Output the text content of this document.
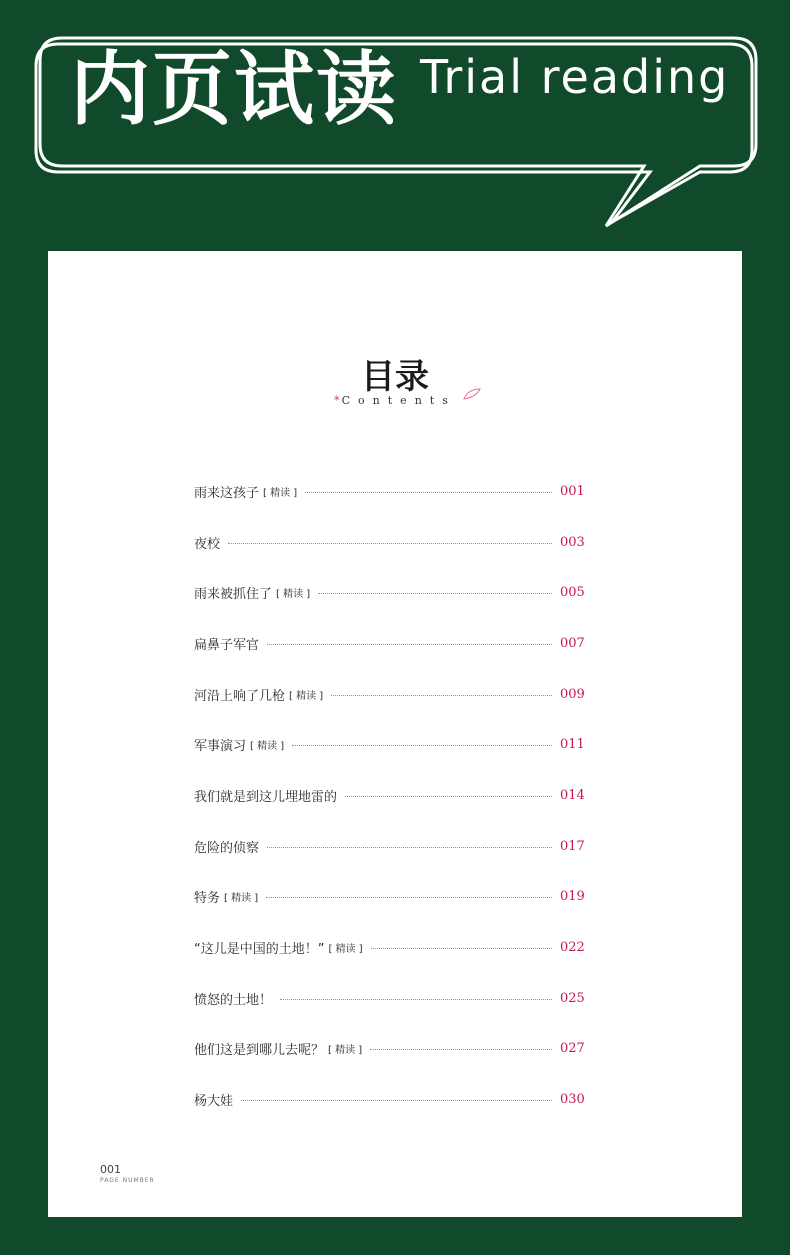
内页试读 Trial reading
目录
*Contents
雨来这孩子 [ 精读 ]	001
夜校	003
雨来被抓住了 [ 精读 ]	005
扁鼻子军官	007
河沿上响了几枪 [ 精读 ]	009
军事演习 [ 精读 ]	011
我们就是到这儿埋地雷的	014
危险的侦察	017
特务 [ 精读 ]	019
“这儿是中国的土地！” [ 精读 ]	022
愤怒的土地！	025
他们这是到哪儿去呢？ [ 精读 ]	027
杨大娃	030
001
PAGE NUMBER
